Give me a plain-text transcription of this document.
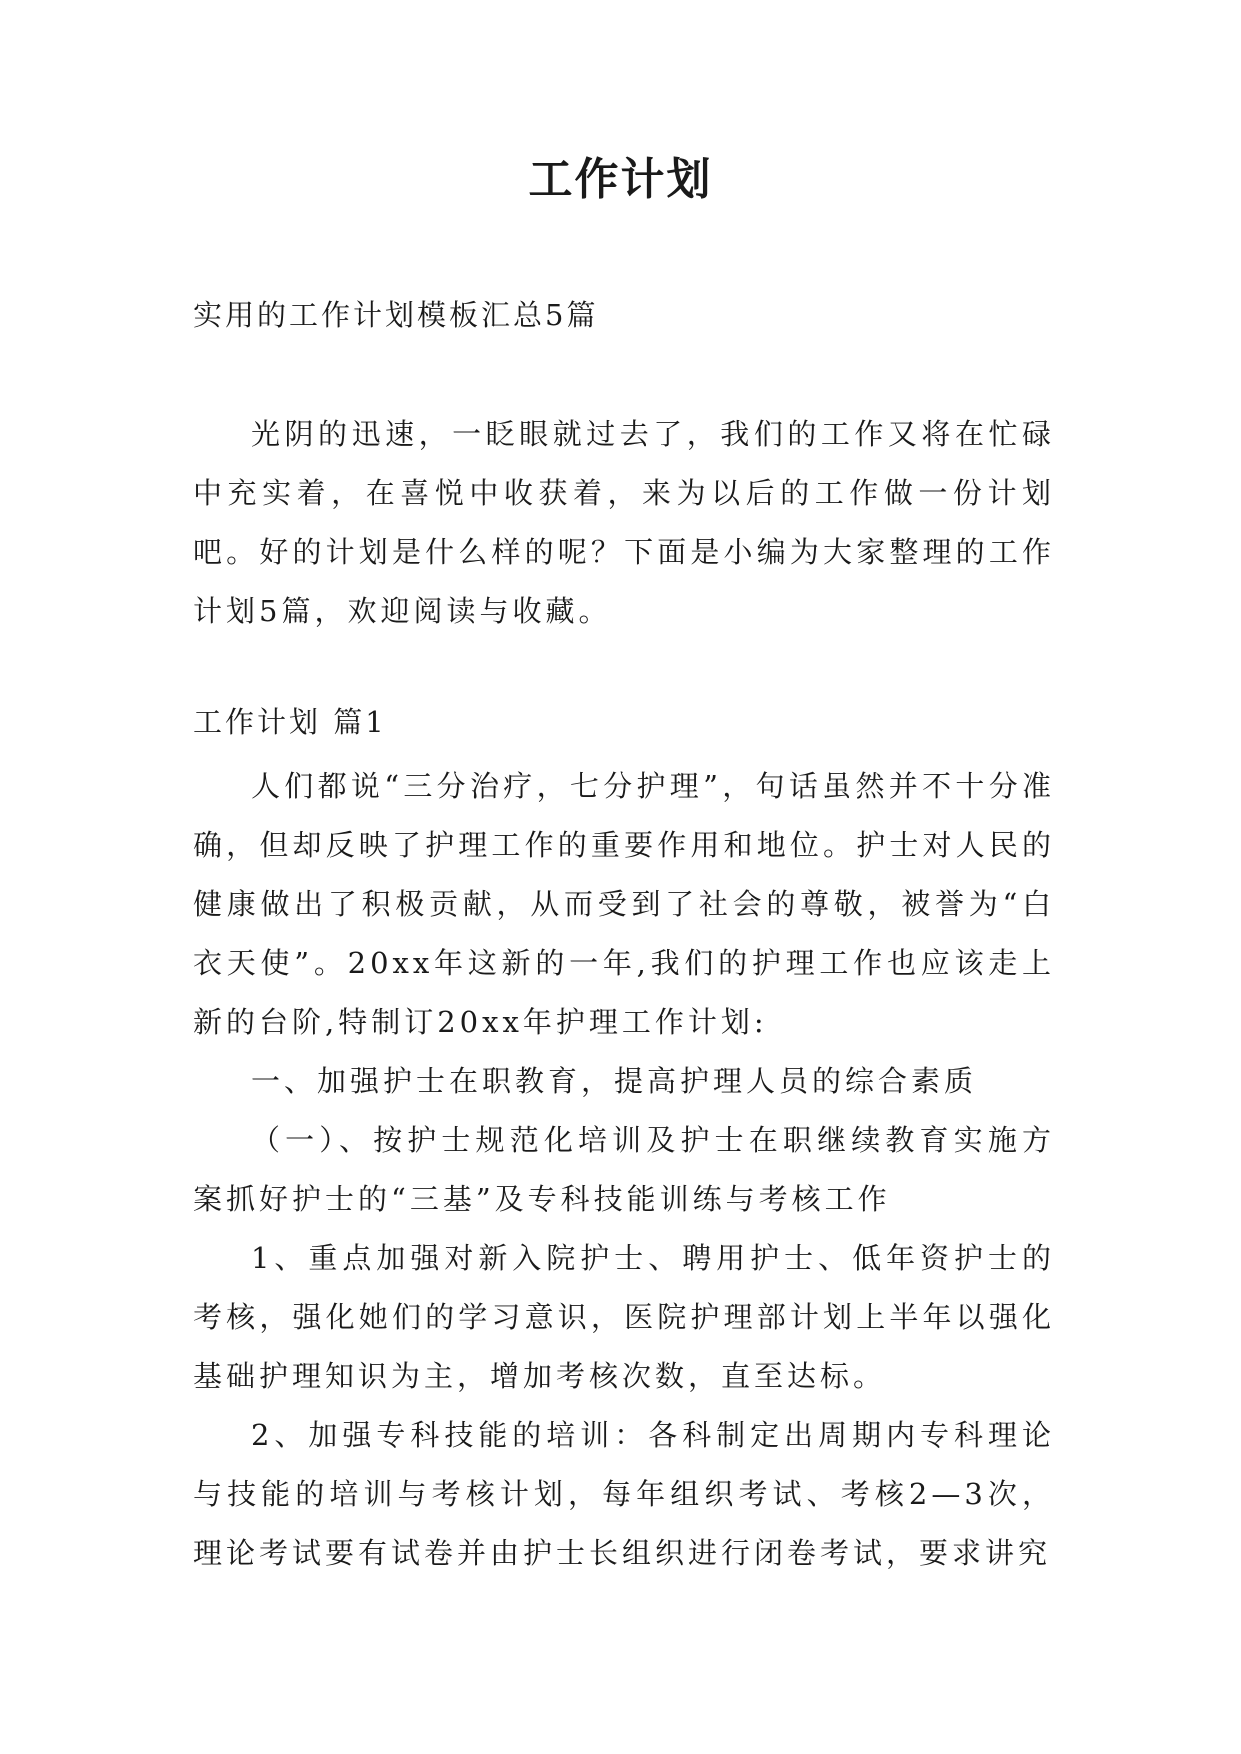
工作计划
实用的工作计划模板汇总5篇

光阴的迅速，一眨眼就过去了，我们的工作又将在忙碌中充实着，在喜悦中收获着，来为以后的工作做一份计划吧。好的计划是什么样的呢？下面是小编为大家整理的工作计划5篇，欢迎阅读与收藏。

工作计划 篇1

人们都说“三分治疗，七分护理”，句话虽然并不十分准确，但却反映了护理工作的重要作用和地位。护士对人民的健康做出了积极贡献，从而受到了社会的尊敬，被誉为“白衣天使”。20xx年这新的一年,我们的护理工作也应该走上新的台阶,特制订20xx年护理工作计划:

一、加强护士在职教育，提高护理人员的综合素质

（一）、按护士规范化培训及护士在职继续教育实施方案抓好护士的“三基”及专科技能训练与考核工作

1、重点加强对新入院护士、聘用护士、低年资护士的考核，强化她们的学习意识，医院护理部计划上半年以强化基础护理知识为主，增加考核次数，直至达标。

2、加强专科技能的培训：各科制定出周期内专科理论与技能的培训与考核计划，每年组织考试、考核2—3次，理论考试要有试卷并由护士长组织进行闭卷考试，要求讲究
